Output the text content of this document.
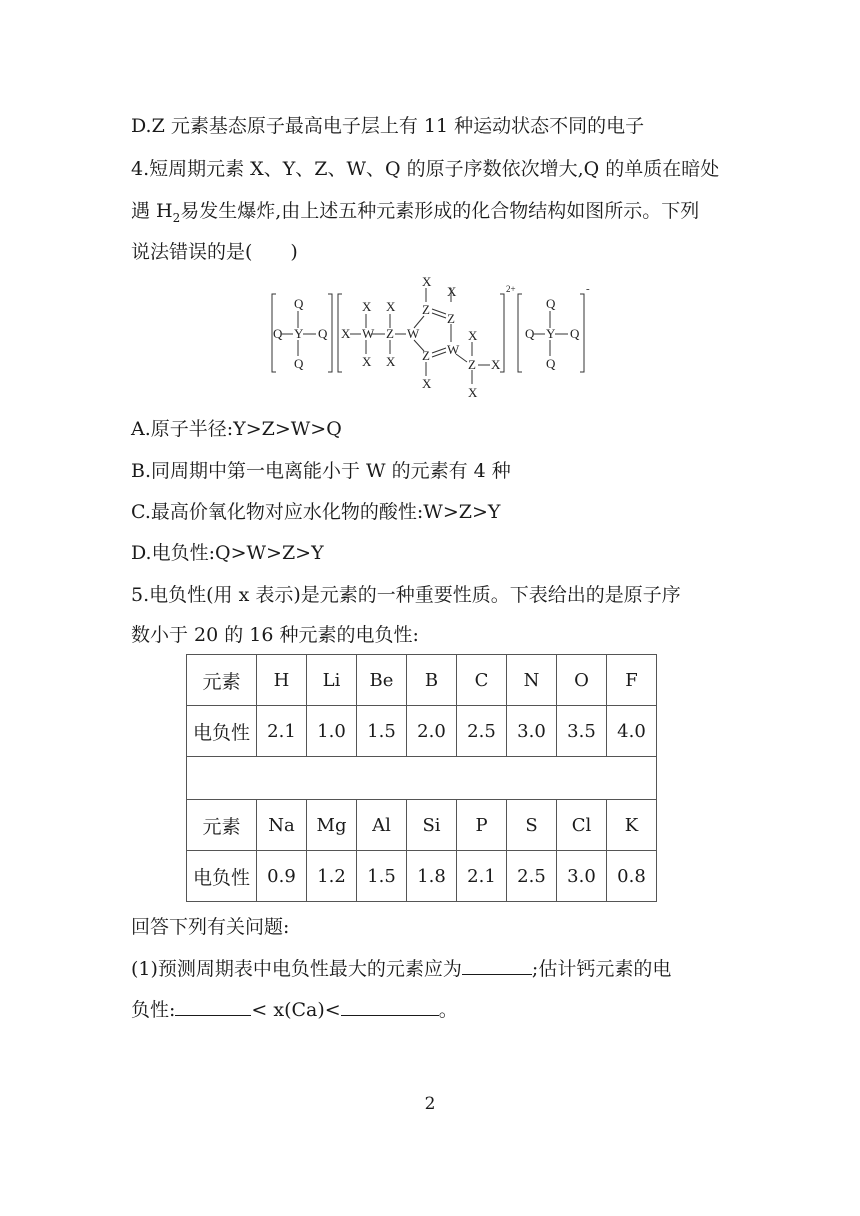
D.Z 元素基态原子最高电子层上有 11 种运动状态不同的电子
4.短周期元素 X、Y、Z、W、Q 的原子序数依次增大,Q 的单质在暗处
遇 $H_2$易发生爆炸,由上述五种元素形成的化合物结构如图所示。下列
说法错误的是(　　)
Q
Q Y Q
Q
X
X
W
X
X
Z
X
W
X
Z
X
Z
Z W
X
X
Z
X
X
2+
Q
Q Y Q
Q
-
A.原子半径:Y>Z>W>Q
B.同周期中第一电离能小于 W 的元素有 4 种
C.最高价氧化物对应水化物的酸性:W>Z>Y
D.电负性:Q>W>Z>Y
5.电负性(用 x 表示)是元素的一种重要性质。下表给出的是原子序
数小于 20 的 16 种元素的电负性:
元素	H	Li	Be	B	C	N	O	F
电负性	2.1	1.0	1.5	2.0	2.5	3.0	3.5	4.0

元素	Na	Mg	Al	Si	P	S	Cl	K
电负性	0.9	1.2	1.5	1.8	2.1	2.5	3.0	0.8
回答下列有关问题:
(1)预测周期表中电负性最大的元素应为	;估计钙元素的电
负性:	< x(Ca)<	。
2
